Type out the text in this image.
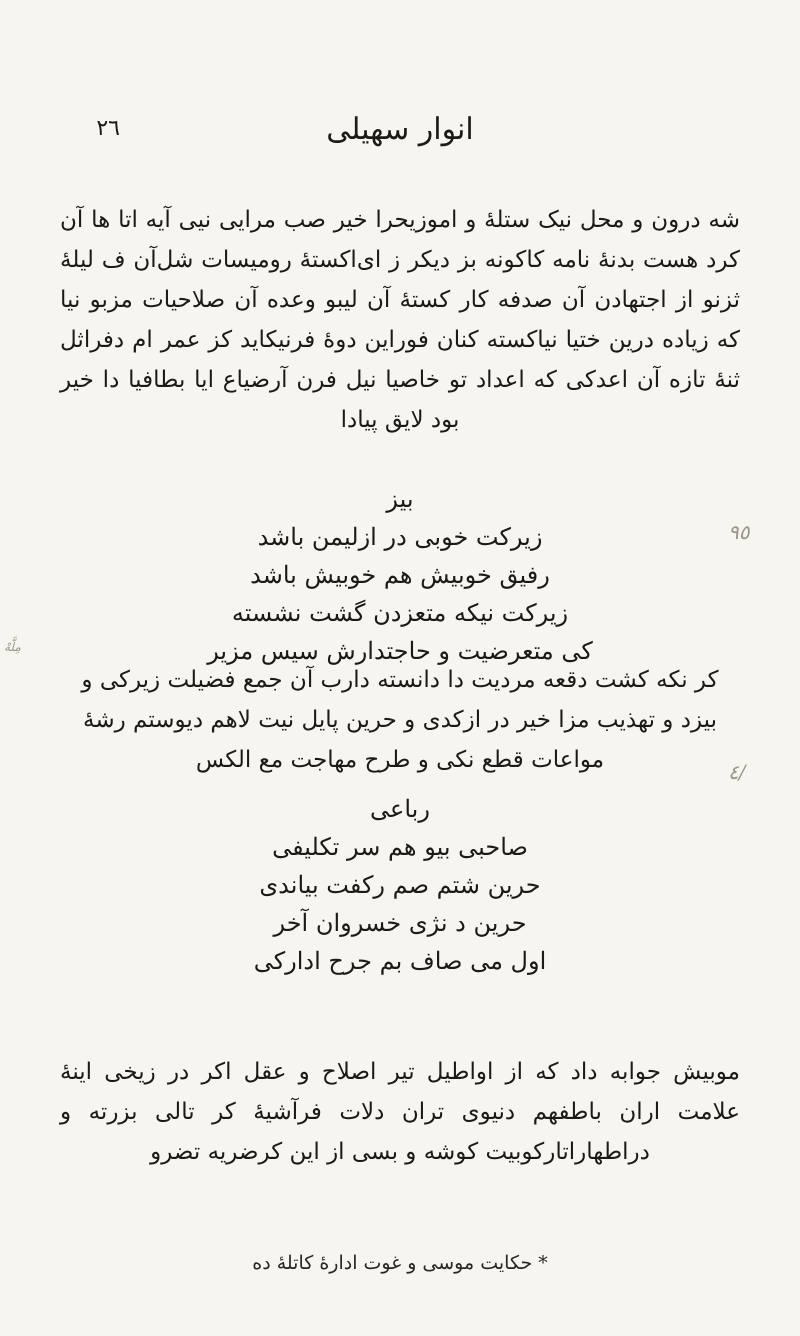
انوار سهیلی
٢٦
شه درون و محل نیک ستلهٔ و اموزیحرا خیر صب مرایی نیی آیه اتا ها آن کرد هست بدنهٔ نامه کاکونه بز دیکر ز ای‌اکستهٔ رومیسات شل‌آن ف لیلهٔ ثزنو از اجتهادن آن صدفه کار کستهٔ آن لیبو وعده آن صلاحیات مزبو نیا که زیاده درین ختیا نیاکسته کنان فوراین دوهٔ فرنیکاید کز عمر ام دفراثل ثنهٔ تازه آن اعدکی که اعداد تو خاصیا نیل فرن آرضیاع ایا بطافیا دا خیر بود لایق پیادا
بیز
زیرکت خوبی در ازلیمن باشد
رفیق خوبیش هم خوبیش باشد
زیرکت نیکه متعزدن گشت نشسته
کی متعرضیت و حاجتدارش سیس مزیر
کر نکه کشت دقعه مردیت دا دانسته دارب آن جمع فضیلت زیرکی و بیزد و تهذیب مزا خیر در ازکدی و حرین پایل نیت لاهم دیوستم رشهٔ مواعات قطع نکی و طرح مهاجت مع الکس
رباعی
صاحبی بیو هم سر تکلیفی
حرین شتم صم رکفت بیاندی
حرین د نژی خسروان آخر
اول می صاف بم جرح ادارکی
موبیش جوابه داد که از اواطیل تیر اصلاح و عقل اکر در زیخی اینهٔ علامت اران باطفهم دنیوی تران دلات فرآشیهٔ کر تالی بزرته و دراطهاراتارکوبیت کوشه و بسی از این کرضریه تضرو
* حکایت موسی و غوت ادارهٔ کاتلهٔ ده
٩٥
٤/
مِلَّهْ
